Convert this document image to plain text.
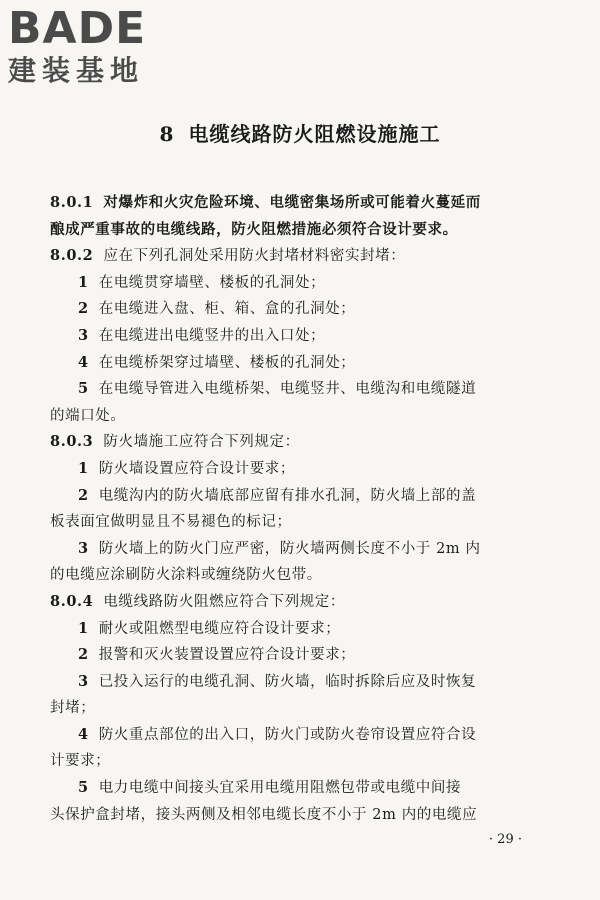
BADE
建装基地
8 电缆线路防火阻燃设施施工
8.0.1 对爆炸和火灾危险环境、电缆密集场所或可能着火蔓延而
酿成严重事故的电缆线路，防火阻燃措施必须符合设计要求。
8.0.2 应在下列孔洞处采用防火封堵材料密实封堵：
1 在电缆贯穿墙壁、楼板的孔洞处；
2 在电缆进入盘、柜、箱、盒的孔洞处；
3 在电缆进出电缆竖井的出入口处；
4 在电缆桥架穿过墙壁、楼板的孔洞处；
5 在电缆导管进入电缆桥架、电缆竖井、电缆沟和电缆隧道
的端口处。
8.0.3 防火墙施工应符合下列规定：
1 防火墙设置应符合设计要求；
2 电缆沟内的防火墙底部应留有排水孔洞，防火墙上部的盖
板表面宜做明显且不易褪色的标记；
3 防火墙上的防火门应严密，防火墙两侧长度不小于 2m 内
的电缆应涂刷防火涂料或缠绕防火包带。
8.0.4 电缆线路防火阻燃应符合下列规定：
1 耐火或阻燃型电缆应符合设计要求；
2 报警和灭火装置设置应符合设计要求；
3 已投入运行的电缆孔洞、防火墙，临时拆除后应及时恢复
封堵；
4 防火重点部位的出入口，防火门或防火卷帘设置应符合设
计要求；
5 电力电缆中间接头宜采用电缆用阻燃包带或电缆中间接
头保护盒封堵，接头两侧及相邻电缆长度不小于 2m 内的电缆应
· 29 ·
